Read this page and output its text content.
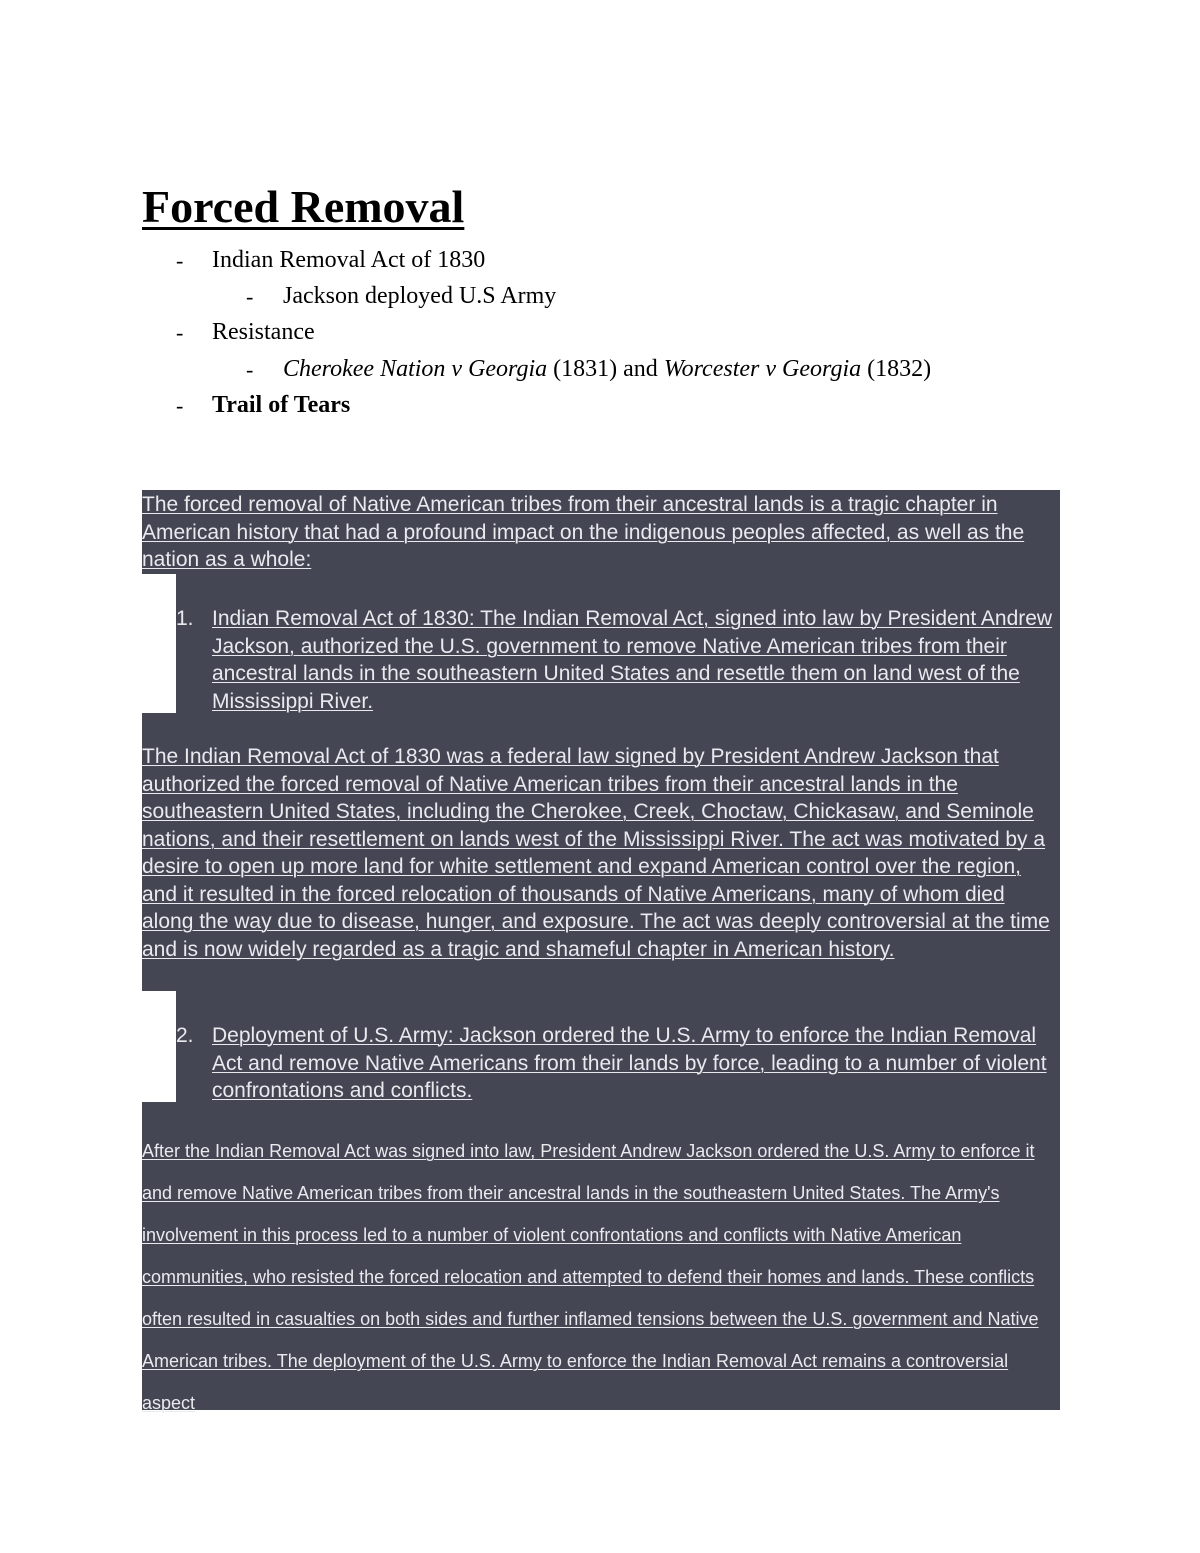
Forced Removal
- Indian Removal Act of 1830
- Jackson deployed U.S Army
- Resistance
- Cherokee Nation v Georgia (1831) and Worcester v Georgia (1832)
- Trail of Tears

The forced removal of Native American tribes from their ancestral lands is a tragic chapter in American history that had a profound impact on the indigenous peoples affected, as well as the nation as a whole:

1. Indian Removal Act of 1830: The Indian Removal Act, signed into law by President Andrew Jackson, authorized the U.S. government to remove Native American tribes from their ancestral lands in the southeastern United States and resettle them on land west of the Mississippi River.

The Indian Removal Act of 1830 was a federal law signed by President Andrew Jackson that authorized the forced removal of Native American tribes from their ancestral lands in the southeastern United States, including the Cherokee, Creek, Choctaw, Chickasaw, and Seminole nations, and their resettlement on lands west of the Mississippi River. The act was motivated by a desire to open up more land for white settlement and expand American control over the region, and it resulted in the forced relocation of thousands of Native Americans, many of whom died along the way due to disease, hunger, and exposure. The act was deeply controversial at the time and is now widely regarded as a tragic and shameful chapter in American history.

2. Deployment of U.S. Army: Jackson ordered the U.S. Army to enforce the Indian Removal Act and remove Native Americans from their lands by force, leading to a number of violent confrontations and conflicts.

After the Indian Removal Act was signed into law, President Andrew Jackson ordered the U.S. Army to enforce it and remove Native American tribes from their ancestral lands in the southeastern United States. The Army's involvement in this process led to a number of violent confrontations and conflicts with Native American communities, who resisted the forced relocation and attempted to defend their homes and lands. These conflicts often resulted in casualties on both sides and further inflamed tensions between the U.S. government and Native American tribes. The deployment of the U.S. Army to enforce the Indian Removal Act remains a controversial aspect
